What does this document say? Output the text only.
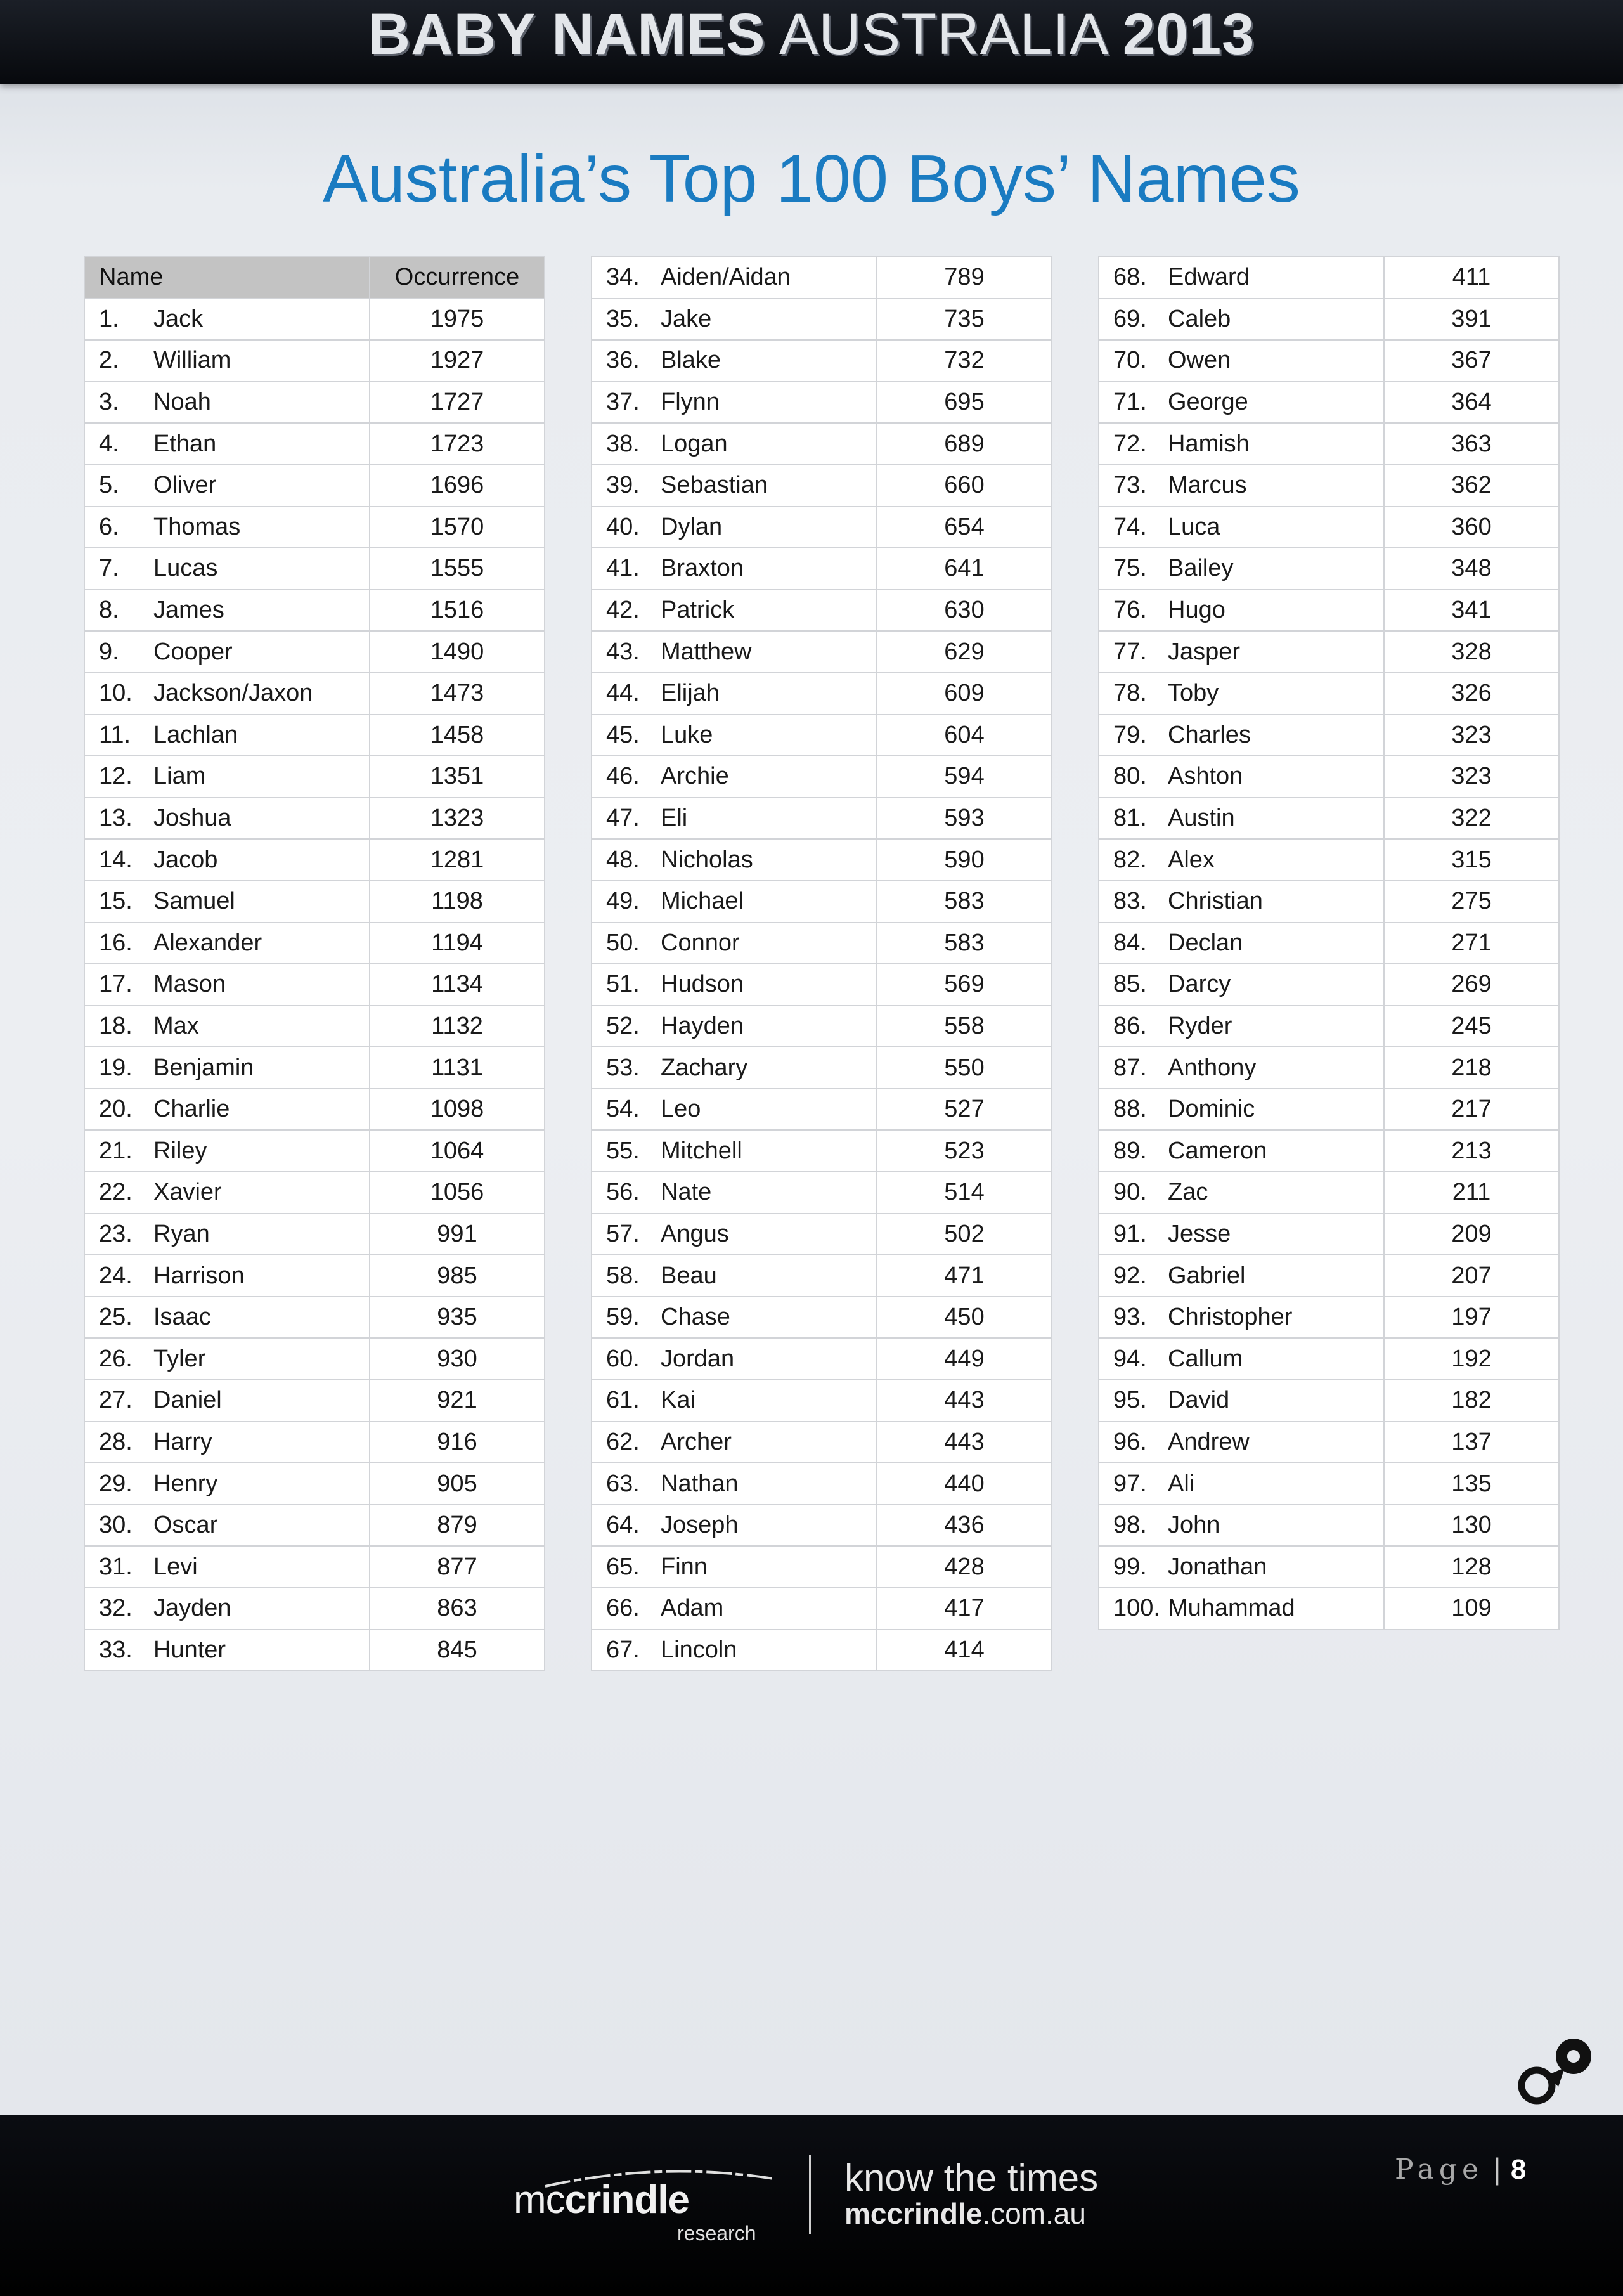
BABY NAMES AUSTRALIA 2013
Australia’s Top 100 Boys’ Names
Name	Occurrence
1. Jack	1975
2. William	1927
3. Noah	1727
4. Ethan	1723
5. Oliver	1696
6. Thomas	1570
7. Lucas	1555
8. James	1516
9. Cooper	1490
10. Jackson/Jaxon	1473
11. Lachlan	1458
12. Liam	1351
13. Joshua	1323
14. Jacob	1281
15. Samuel	1198
16. Alexander	1194
17. Mason	1134
18. Max	1132
19. Benjamin	1131
20. Charlie	1098
21. Riley	1064
22. Xavier	1056
23. Ryan	991
24. Harrison	985
25. Isaac	935
26. Tyler	930
27. Daniel	921
28. Harry	916
29. Henry	905
30. Oscar	879
31. Levi	877
32. Jayden	863
33. Hunter	845
34. Aiden/Aidan	789
35. Jake	735
36. Blake	732
37. Flynn	695
38. Logan	689
39. Sebastian	660
40. Dylan	654
41. Braxton	641
42. Patrick	630
43. Matthew	629
44. Elijah	609
45. Luke	604
46. Archie	594
47. Eli	593
48. Nicholas	590
49. Michael	583
50. Connor	583
51. Hudson	569
52. Hayden	558
53. Zachary	550
54. Leo	527
55. Mitchell	523
56. Nate	514
57. Angus	502
58. Beau	471
59. Chase	450
60. Jordan	449
61. Kai	443
62. Archer	443
63. Nathan	440
64. Joseph	436
65. Finn	428
66. Adam	417
67. Lincoln	414
68. Edward	411
69. Caleb	391
70. Owen	367
71. George	364
72. Hamish	363
73. Marcus	362
74. Luca	360
75. Bailey	348
76. Hugo	341
77. Jasper	328
78. Toby	326
79. Charles	323
80. Ashton	323
81. Austin	322
82. Alex	315
83. Christian	275
84. Declan	271
85. Darcy	269
86. Ryder	245
87. Anthony	218
88. Dominic	217
89. Cameron	213
90. Zac	211
91. Jesse	209
92. Gabriel	207
93. Christopher	197
94. Callum	192
95. David	182
96. Andrew	137
97. Ali	135
98. John	130
99. Jonathan	128
100. Muhammad	109
mccrindle
research
know the times
mccrindle.com.au
Page | 8
